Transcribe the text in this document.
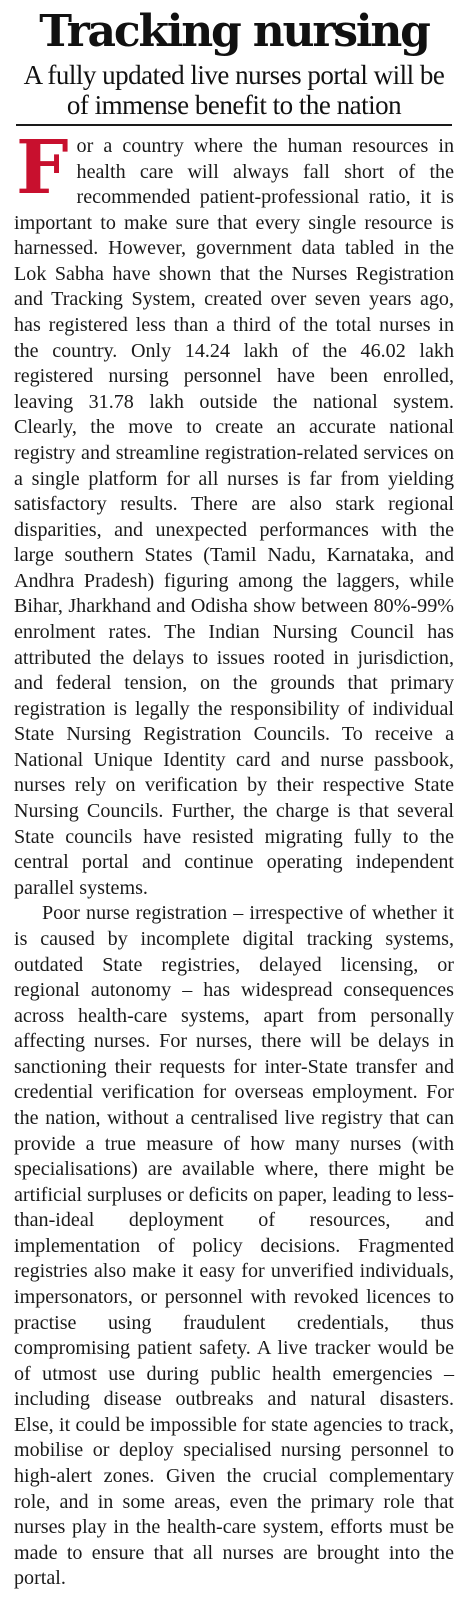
Tracking nursing
A fully updated live nurses portal will be
of immense benefit to the nation

For a country where the human resources in health care will always fall short of the recommended patient-professional ratio, it is important to make sure that every single resource is harnessed. However, government data tabled in the Lok Sabha have shown that the Nurses Registration and Tracking System, created over seven years ago, has registered less than a third of the total nurses in the country. Only 14.24 lakh of the 46.02 lakh registered nursing personnel have been enrolled, leaving 31.78 lakh outside the national system. Clearly, the move to create an accurate national registry and streamline registration-related services on a single platform for all nurses is far from yielding satisfactory results. There are also stark regional disparities, and unexpected performances with the large southern States (Tamil Nadu, Karnataka, and Andhra Pradesh) figuring among the laggers, while Bihar, Jharkhand and Odisha show between 80%-99% enrolment rates. The Indian Nursing Council has attributed the delays to issues rooted in jurisdiction, and federal tension, on the grounds that primary registration is legally the responsibility of individual State Nursing Registration Councils. To receive a National Unique Identity card and nurse passbook, nurses rely on verification by their respective State Nursing Councils. Further, the charge is that several State councils have resisted migrating fully to the central portal and continue operating independent parallel systems.

Poor nurse registration – irrespective of whether it is caused by incomplete digital tracking systems, outdated State registries, delayed licensing, or regional autonomy – has widespread consequences across health-care systems, apart from personally affecting nurses. For nurses, there will be delays in sanctioning their requests for inter-State transfer and credential verification for overseas employment. For the nation, without a centralised live registry that can provide a true measure of how many nurses (with specialisations) are available where, there might be artificial surpluses or deficits on paper, leading to less-than-ideal deployment of resources, and implementation of policy decisions. Fragmented registries also make it easy for unverified individuals, impersonators, or personnel with revoked licences to practise using fraudulent credentials, thus compromising patient safety. A live tracker would be of utmost use during public health emergencies – including disease outbreaks and natural disasters. Else, it could be impossible for state agencies to track, mobilise or deploy specialised nursing personnel to high-alert zones. Given the crucial complementary role, and in some areas, even the primary role that nurses play in the health-care system, efforts must be made to ensure that all nurses are brought into the portal.
